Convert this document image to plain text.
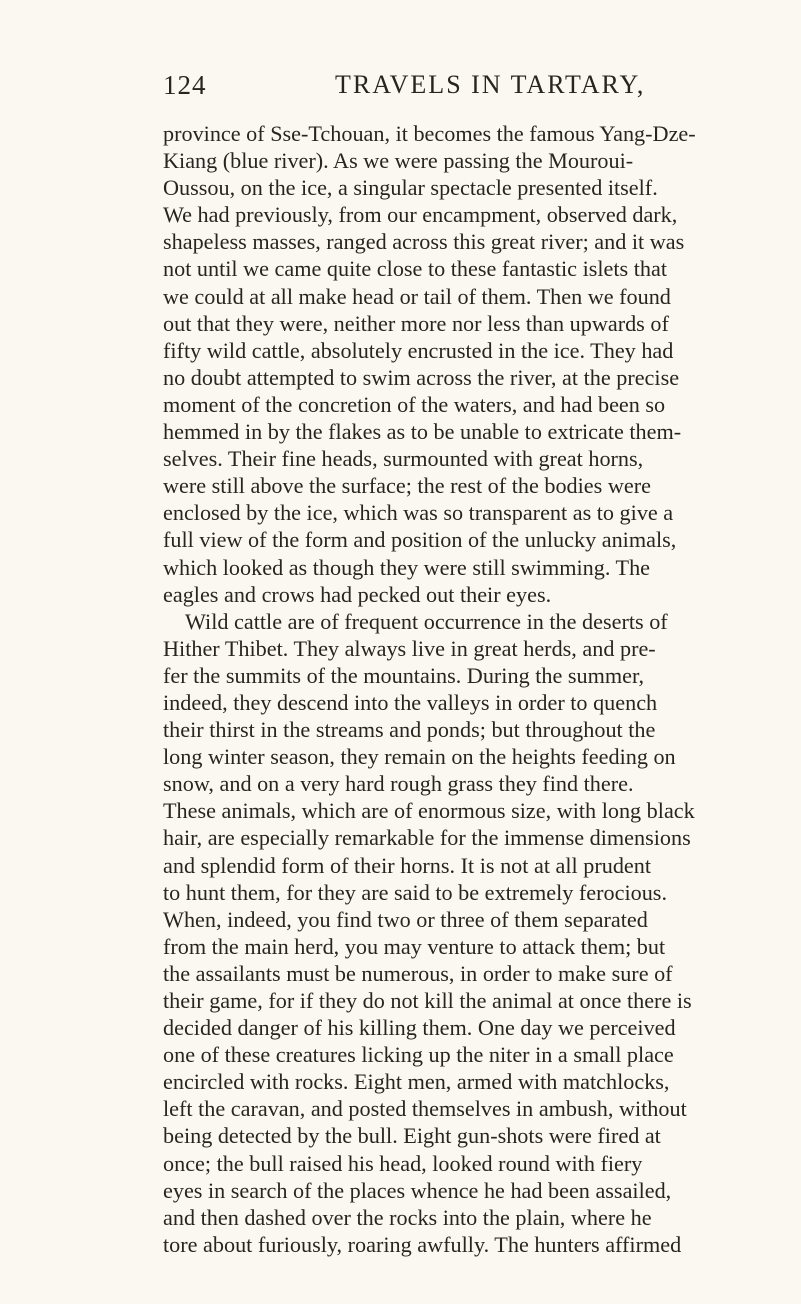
124	TRAVELS IN TARTARY,
province of Sse-Tchouan, it becomes the famous Yang-Dze-
Kiang (blue river). As we were passing the Mouroui-
Oussou, on the ice, a singular spectacle presented itself.
We had previously, from our encampment, observed dark,
shapeless masses, ranged across this great river; and it was
not until we came quite close to these fantastic islets that
we could at all make head or tail of them. Then we found
out that they were, neither more nor less than upwards of
fifty wild cattle, absolutely encrusted in the ice. They had
no doubt attempted to swim across the river, at the precise
moment of the concretion of the waters, and had been so
hemmed in by the flakes as to be unable to extricate them-
selves. Their fine heads, surmounted with great horns,
were still above the surface; the rest of the bodies were
enclosed by the ice, which was so transparent as to give a
full view of the form and position of the unlucky animals,
which looked as though they were still swimming. The
eagles and crows had pecked out their eyes.
Wild cattle are of frequent occurrence in the deserts of
Hither Thibet. They always live in great herds, and pre-
fer the summits of the mountains. During the summer,
indeed, they descend into the valleys in order to quench
their thirst in the streams and ponds; but throughout the
long winter season, they remain on the heights feeding on
snow, and on a very hard rough grass they find there.
These animals, which are of enormous size, with long black
hair, are especially remarkable for the immense dimensions
and splendid form of their horns. It is not at all prudent
to hunt them, for they are said to be extremely ferocious.
When, indeed, you find two or three of them separated
from the main herd, you may venture to attack them; but
the assailants must be numerous, in order to make sure of
their game, for if they do not kill the animal at once there is
decided danger of his killing them. One day we perceived
one of these creatures licking up the niter in a small place
encircled with rocks. Eight men, armed with matchlocks,
left the caravan, and posted themselves in ambush, without
being detected by the bull. Eight gun-shots were fired at
once; the bull raised his head, looked round with fiery
eyes in search of the places whence he had been assailed,
and then dashed over the rocks into the plain, where he
tore about furiously, roaring awfully. The hunters affirmed
